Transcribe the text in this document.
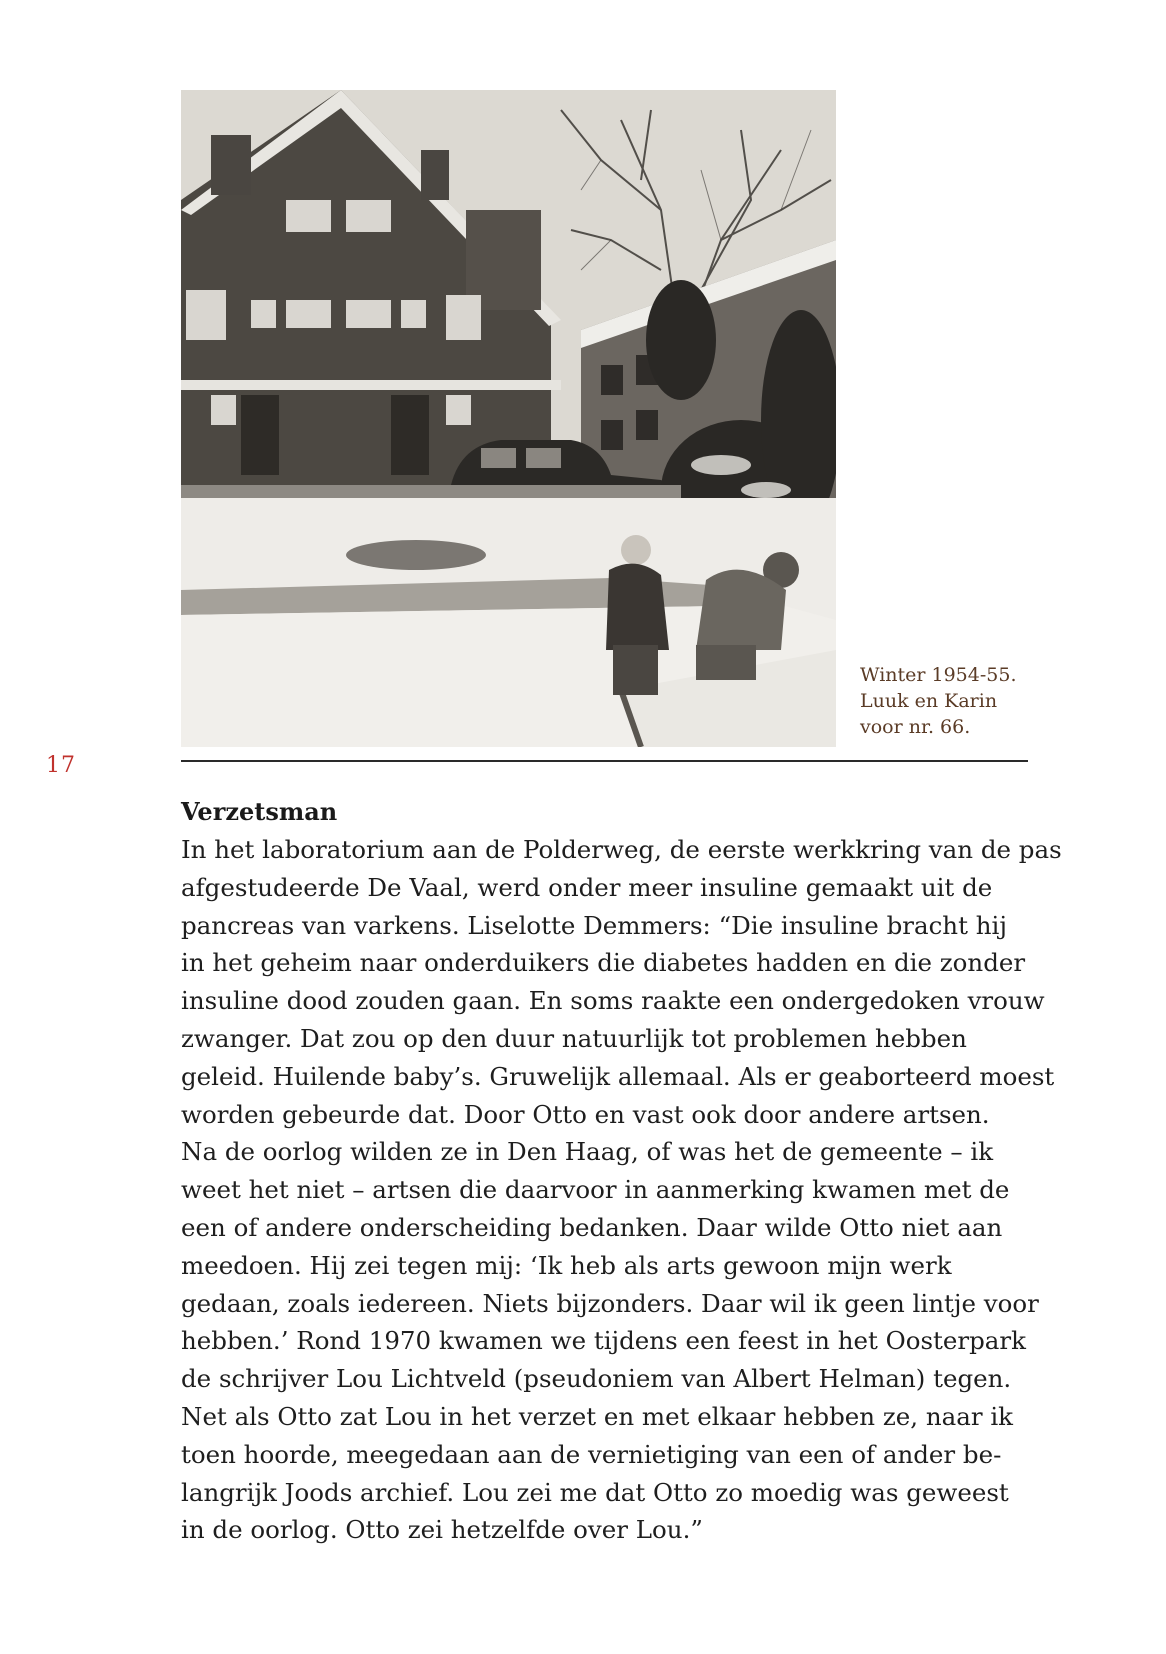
Winter 1954-55.
Luuk en Karin
voor nr. 66.
17
Verzetsman
In het laboratorium aan de Polderweg, de eerste werkkring van de pas
afgestudeerde De Vaal, werd onder meer insuline gemaakt uit de
pancreas van varkens. Liselotte Demmers: “Die insuline bracht hij
in het geheim naar onderduikers die diabetes hadden en die zonder
insuline dood zouden gaan. En soms raakte een ondergedoken vrouw
zwanger. Dat zou op den duur natuurlijk tot problemen hebben
geleid. Huilende baby’s. Gruwelijk allemaal. Als er geaborteerd moest
worden gebeurde dat. Door Otto en vast ook door andere artsen.
Na de oorlog wilden ze in Den Haag, of was het de gemeente – ik
weet het niet – artsen die daarvoor in aanmerking kwamen met de
een of andere onderscheiding bedanken. Daar wilde Otto niet aan
meedoen. Hij zei tegen mij: ‘Ik heb als arts gewoon mijn werk
gedaan, zoals iedereen. Niets bijzonders. Daar wil ik geen lintje voor
hebben.’ Rond 1970 kwamen we tijdens een feest in het Oosterpark
de schrijver Lou Lichtveld (pseudoniem van Albert Helman) tegen.
Net als Otto zat Lou in het verzet en met elkaar hebben ze, naar ik
toen hoorde, meegedaan aan de vernietiging van een of ander be-
langrijk Joods archief. Lou zei me dat Otto zo moedig was geweest
in de oorlog. Otto zei hetzelfde over Lou.”
